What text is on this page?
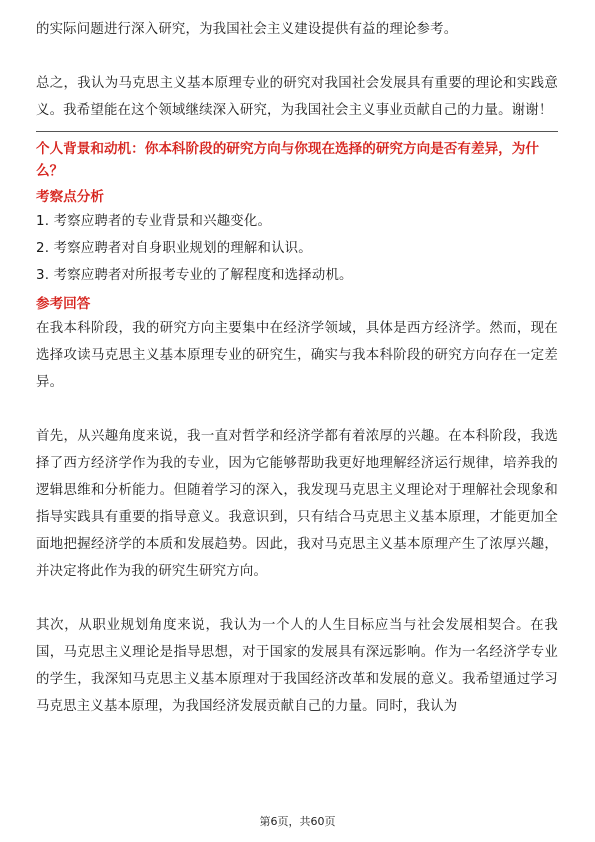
的实际问题进行深入研究，为我国社会主义建设提供有益的理论参考。

总之，我认为马克思主义基本原理专业的研究对我国社会发展具有重要的理论和实践意义。我希望能在这个领域继续深入研究，为我国社会主义事业贡献自己的力量。谢谢！

个人背景和动机：你本科阶段的研究方向与你现在选择的研究方向是否有差异，为什么？
考察点分析

1. 考察应聘者的专业背景和兴趣变化。

2. 考察应聘者对自身职业规划的理解和认识。

3. 考察应聘者对所报考专业的了解程度和选择动机。

参考回答

在我本科阶段，我的研究方向主要集中在经济学领域，具体是西方经济学。然而，现在选择攻读马克思主义基本原理专业的研究生，确实与我本科阶段的研究方向存在一定差异。

首先，从兴趣角度来说，我一直对哲学和经济学都有着浓厚的兴趣。在本科阶段，我选择了西方经济学作为我的专业，因为它能够帮助我更好地理解经济运行规律，培养我的逻辑思维和分析能力。但随着学习的深入，我发现马克思主义理论对于理解社会现象和指导实践具有重要的指导意义。我意识到，只有结合马克思主义基本原理，才能更加全面地把握经济学的本质和发展趋势。因此，我对马克思主义基本原理产生了浓厚兴趣，并决定将此作为我的研究生研究方向。

其次，从职业规划角度来说，我认为一个人的人生目标应当与社会发展相契合。在我国，马克思主义理论是指导思想，对于国家的发展具有深远影响。作为一名经济学专业的学生，我深知马克思主义基本原理对于我国经济改革和发展的意义。我希望通过学习马克思主义基本原理，为我国经济发展贡献自己的力量。同时，我认为

第6页，共60页
